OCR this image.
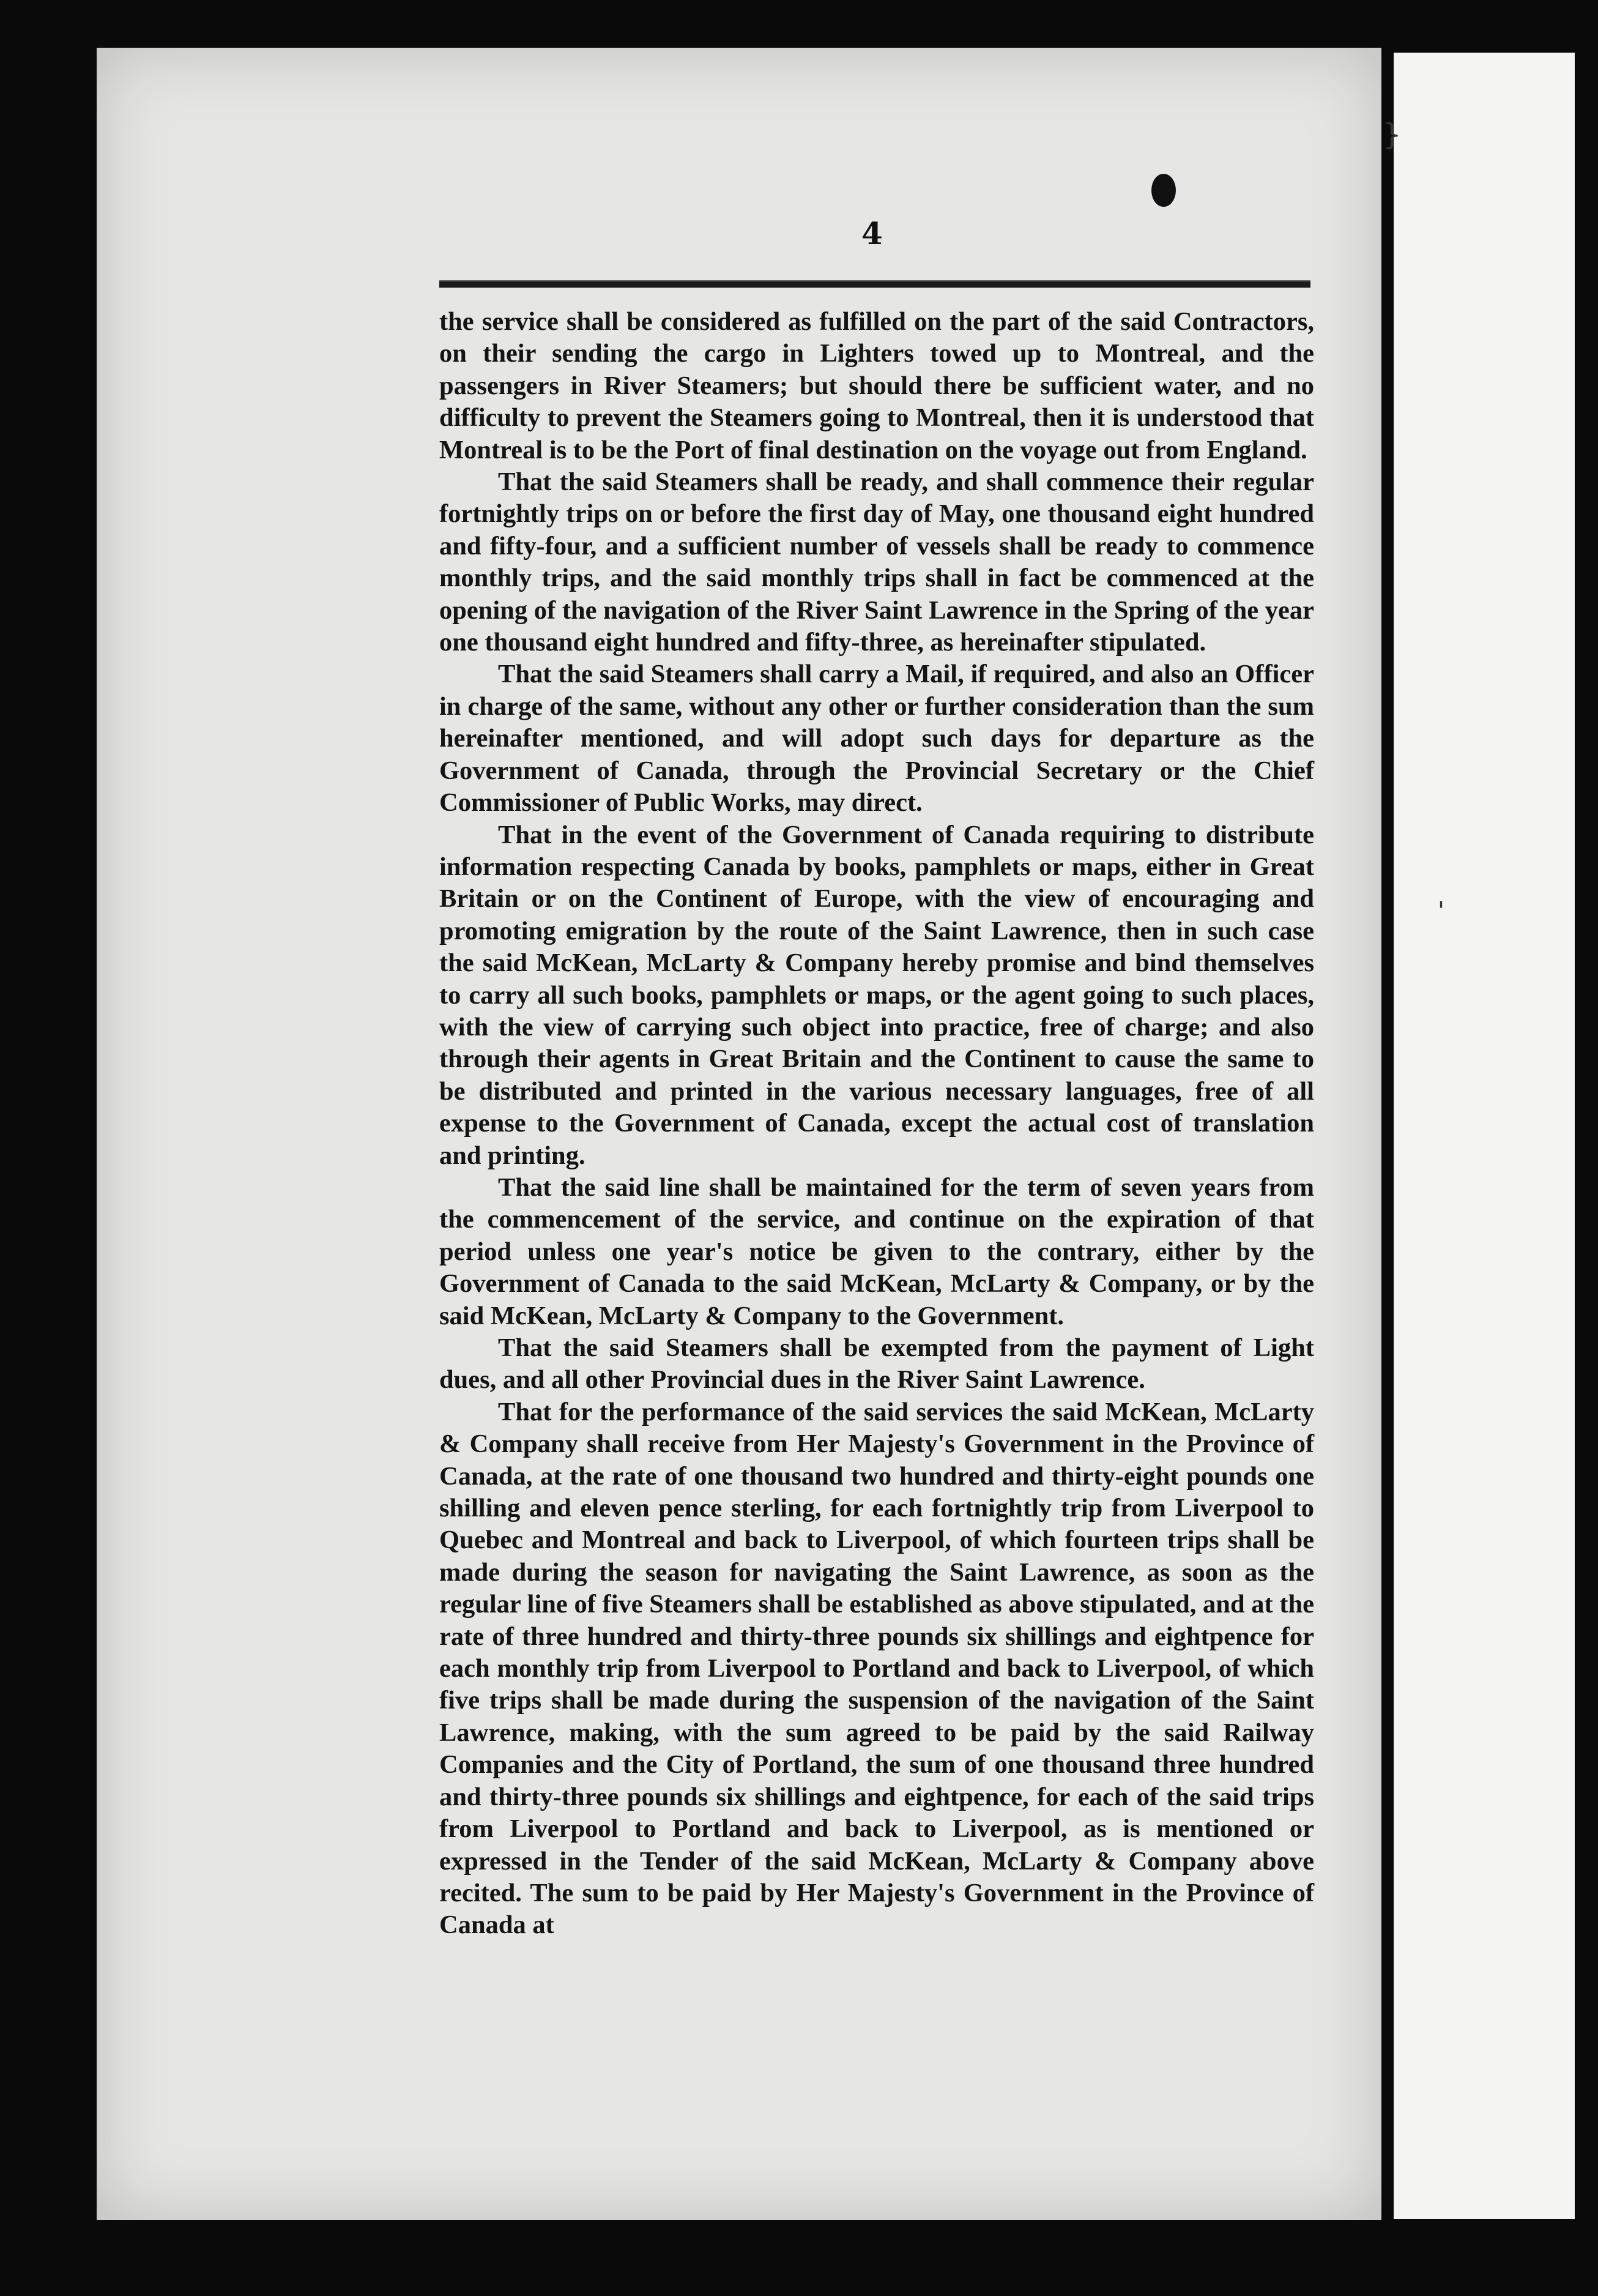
}
'
4

the service shall be considered as fulfilled on the part of the said Contractors, on their sending the cargo in Lighters towed up to Montreal, and the passengers in River Steamers; but should there be sufficient water, and no difficulty to prevent the Steamers going to Montreal, then it is understood that Montreal is to be the Port of final destination on the voyage out from England.

That the said Steamers shall be ready, and shall commence their regular fortnightly trips on or before the first day of May, one thousand eight hundred and fifty-four, and a sufficient number of vessels shall be ready to commence monthly trips, and the said monthly trips shall in fact be commenced at the opening of the navigation of the River Saint Lawrence in the Spring of the year one thousand eight hundred and fifty-three, as hereinafter stipulated.

That the said Steamers shall carry a Mail, if required, and also an Officer in charge of the same, without any other or further consideration than the sum hereinafter mentioned, and will adopt such days for departure as the Government of Canada, through the Provincial Secretary or the Chief Commissioner of Public Works, may direct.

That in the event of the Government of Canada requiring to distribute information respecting Canada by books, pamphlets or maps, either in Great Britain or on the Continent of Europe, with the view of encouraging and promoting emigration by the route of the Saint Lawrence, then in such case the said McKean, McLarty & Company hereby promise and bind themselves to carry all such books, pamphlets or maps, or the agent going to such places, with the view of carrying such object into practice, free of charge; and also through their agents in Great Britain and the Continent to cause the same to be distributed and printed in the various necessary languages, free of all expense to the Government of Canada, except the actual cost of translation and printing.

That the said line shall be maintained for the term of seven years from the commencement of the service, and continue on the expiration of that period unless one year's notice be given to the contrary, either by the Government of Canada to the said McKean, McLarty & Company, or by the said McKean, McLarty & Company to the Government.

That the said Steamers shall be exempted from the payment of Light dues, and all other Provincial dues in the River Saint Lawrence.

That for the performance of the said services the said McKean, McLarty & Company shall receive from Her Majesty's Government in the Province of Canada, at the rate of one thousand two hundred and thirty-eight pounds one shilling and eleven pence sterling, for each fortnightly trip from Liverpool to Quebec and Montreal and back to Liverpool, of which fourteen trips shall be made during the season for navigating the Saint Lawrence, as soon as the regular line of five Steamers shall be established as above stipulated, and at the rate of three hundred and thirty-three pounds six shillings and eightpence for each monthly trip from Liverpool to Portland and back to Liverpool, of which five trips shall be made during the suspension of the navigation of the Saint Lawrence, making, with the sum agreed to be paid by the said Railway Companies and the City of Portland, the sum of one thousand three hundred and thirty-three pounds six shillings and eightpence, for each of the said trips from Liverpool to Portland and back to Liverpool, as is mentioned or expressed in the Tender of the said McKean, McLarty & Company above recited. The sum to be paid by Her Majesty's Government in the Province of Canada at
